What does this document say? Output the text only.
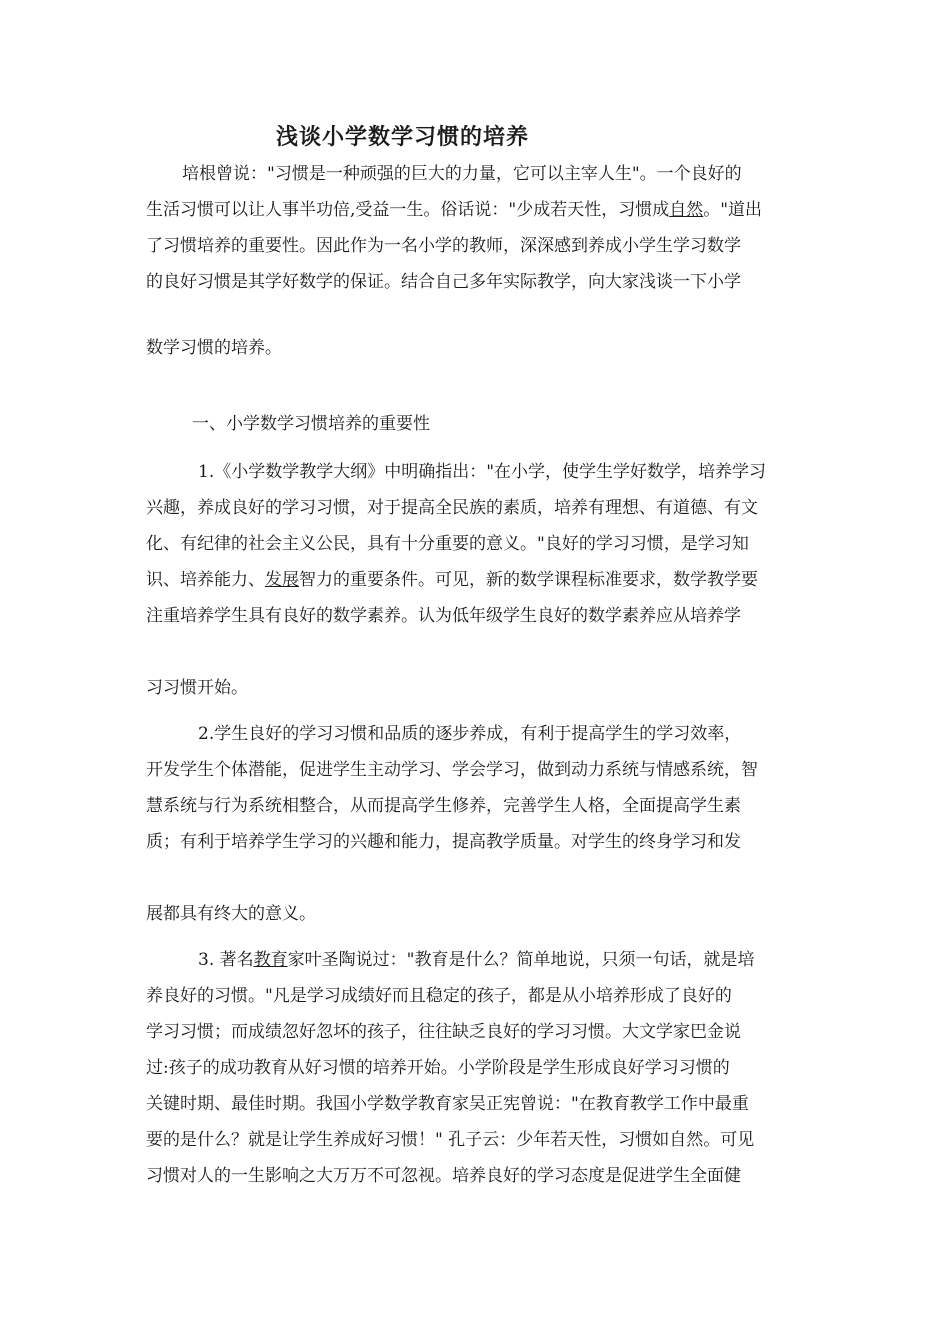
浅谈小学数学习惯的培养
培根曾说："习惯是一种顽强的巨大的力量，它可以主宰人生"。一个良好的
生活习惯可以让人事半功倍,受益一生。俗话说："少成若天性，习惯成自然。"道出
了习惯培养的重要性。因此作为一名小学的教师，深深感到养成小学生学习数学
的良好习惯是其学好数学的保证。结合自己多年实际教学，向大家浅谈一下小学
数学习惯的培养。
一、小学数学习惯培养的重要性
1.《小学数学教学大纲》中明确指出："在小学，使学生学好数学，培养学习
兴趣，养成良好的学习习惯，对于提高全民族的素质，培养有理想、有道德、有文
化、有纪律的社会主义公民，具有十分重要的意义。"良好的学习习惯，是学习知
识、培养能力、发展智力的重要条件。可见，新的数学课程标准要求，数学教学要
注重培养学生具有良好的数学素养。认为低年级学生良好的数学素养应从培养学
习习惯开始。
2.学生良好的学习习惯和品质的逐步养成，有利于提高学生的学习效率，
开发学生个体潜能，促进学生主动学习、学会学习，做到动力系统与情感系统，智
慧系统与行为系统相整合，从而提高学生修养，完善学生人格，全面提高学生素
质；有利于培养学生学习的兴趣和能力，提高教学质量。对学生的终身学习和发
展都具有终大的意义。
3. 著名教育家叶圣陶说过："教育是什么？简单地说，只须一句话，就是培
养良好的习惯。"凡是学习成绩好而且稳定的孩子，都是从小培养形成了良好的
学习习惯；而成绩忽好忽坏的孩子，往往缺乏良好的学习习惯。大文学家巴金说
过:孩子的成功教育从好习惯的培养开始。小学阶段是学生形成良好学习习惯的
关键时期、最佳时期。我国小学数学教育家吴正宪曾说："在教育教学工作中最重
要的是什么？就是让学生养成好习惯！" 孔子云：少年若天性，习惯如自然。可见
习惯对人的一生影响之大万万不可忽视。培养良好的学习态度是促进学生全面健
